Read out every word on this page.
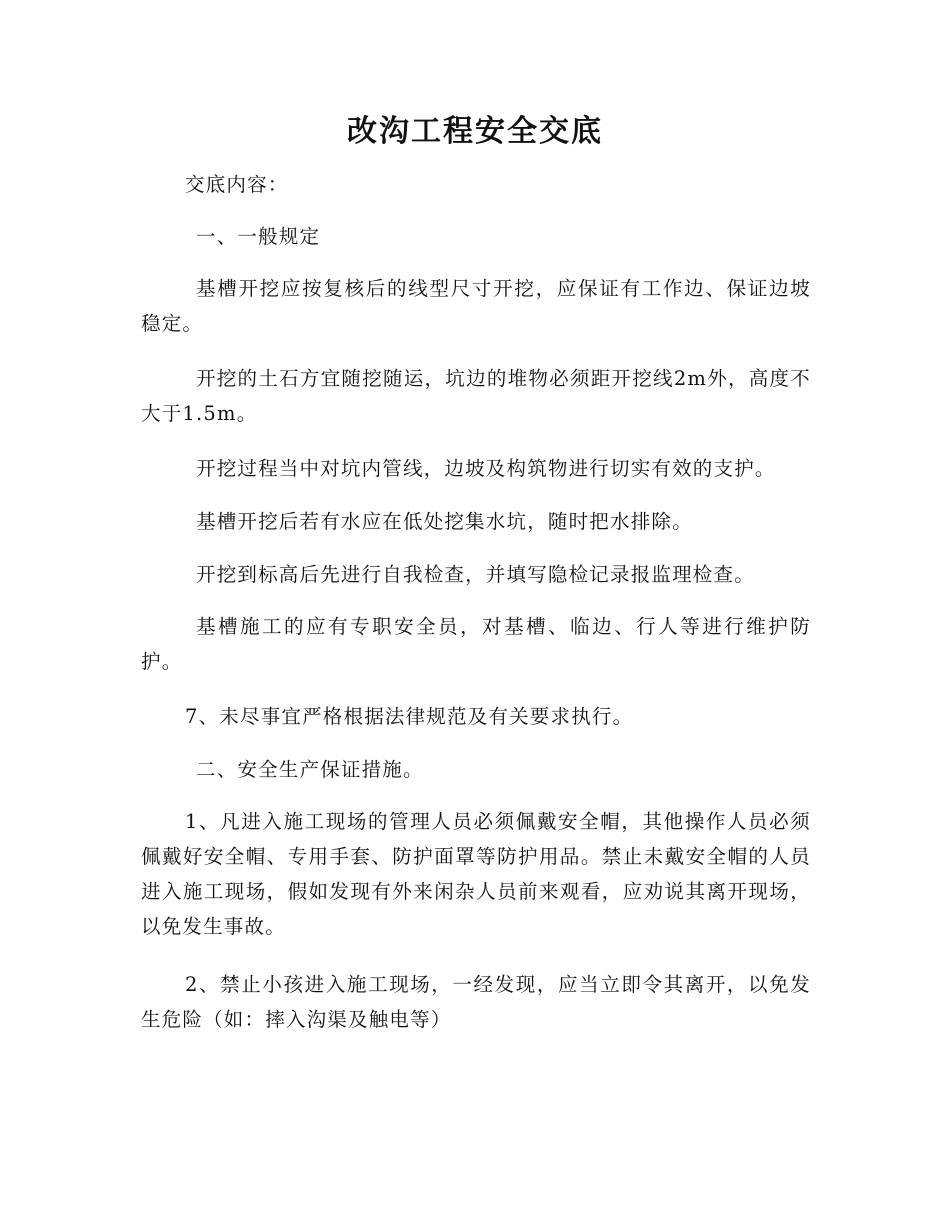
改沟工程安全交底

交底内容：

一、一般规定

基槽开挖应按复核后的线型尺寸开挖，应保证有工作边、保证边坡稳定。

开挖的土石方宜随挖随运，坑边的堆物必须距开挖线2m外，高度不大于1.5m。

开挖过程当中对坑内管线，边坡及构筑物进行切实有效的支护。

基槽开挖后若有水应在低处挖集水坑，随时把水排除。

开挖到标高后先进行自我检查，并填写隐检记录报监理检查。

基槽施工的应有专职安全员，对基槽、临边、行人等进行维护防护。

7、未尽事宜严格根据法律规范及有关要求执行。

二、安全生产保证措施。

1、凡进入施工现场的管理人员必须佩戴安全帽，其他操作人员必须佩戴好安全帽、专用手套、防护面罩等防护用品。禁止未戴安全帽的人员进入施工现场，假如发现有外来闲杂人员前来观看，应劝说其离开现场，以免发生事故。

2、禁止小孩进入施工现场，一经发现，应当立即令其离开，以免发生危险（如：摔入沟渠及触电等）
